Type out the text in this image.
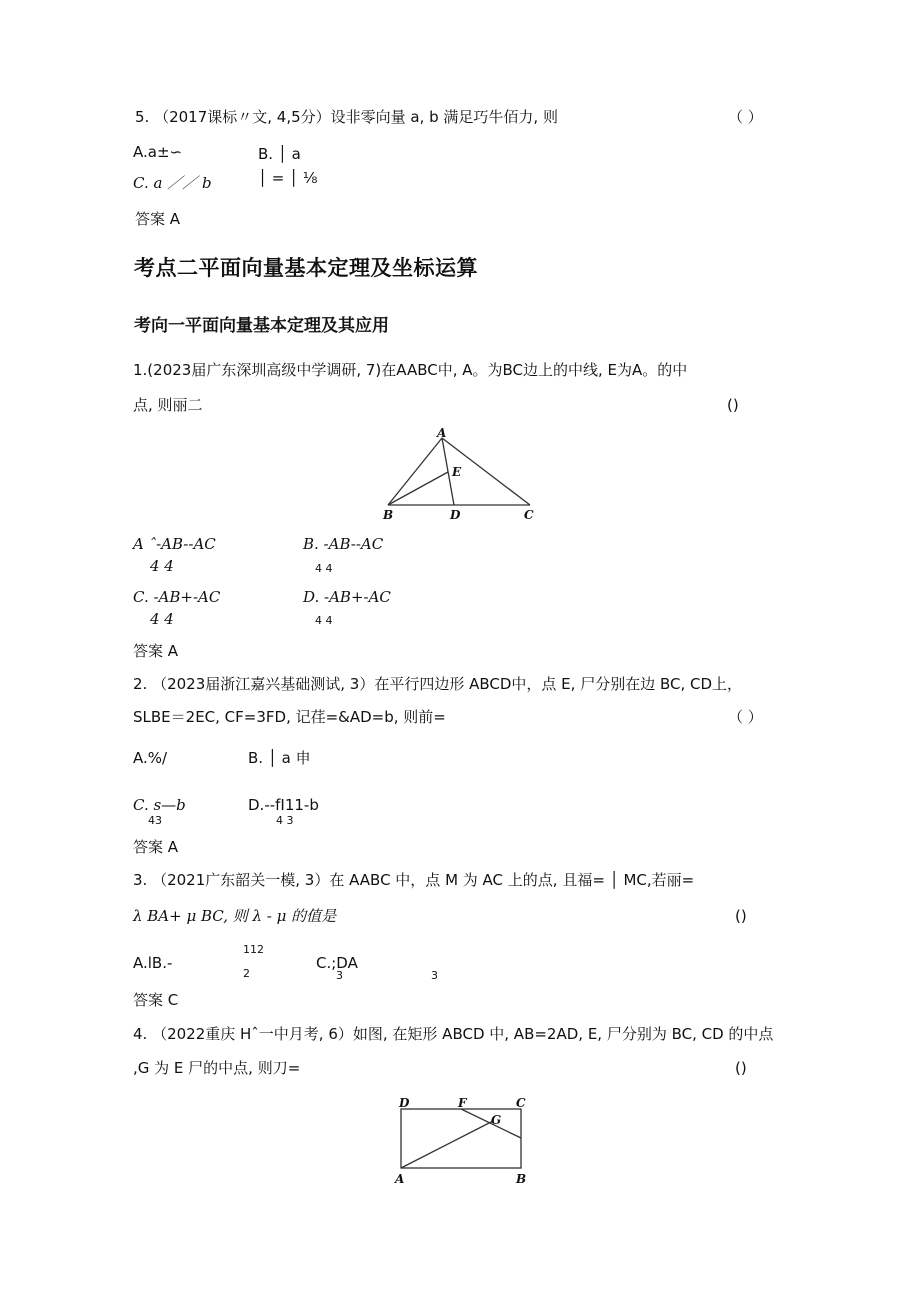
5. （2017课标〃文, 4,5分）设非零向量 a, b 满足巧牛佰力, 则	（ ）
A.a±∽	B. │ a
│ = │ ⅛
C. a ／／ b
答案 A
考点二平面向量基本定理及坐标运算
考向一平面向量基本定理及其应用
1.(2023届广东深圳高级中学调研, 7)在AABC中, A。为BC边上的中线, E为A。的中
点, 则丽二	()
A
B	C
D
E
A ˆ-AB--AC
4 4
B. -AB--AC
4 4
C. -AB+-AC
4 4
D. -AB+-AC
4 4
答案 A
2. （2023届浙江嘉兴基础测试, 3）在平行四边形 ABCD中，点 E, 尸分别在边 BC, CD上，
SLBE＝2EC, CF=3FD, 记荏=&AD=b, 则前=	（ ）
A.%/	B. │ a 申
C. s—b
43
D.--fI11-b
4 3
答案 A
3. （2021广东韶关一模, 3）在 AABC 中，点 M 为 AC 上的点, 且福= │ MC,若丽=
λ BA+ μ BC, 则 λ - μ 的值是	()
112
A.lB.-
2
C.;DA
3	3
答案 C
4. （2022重庆 Hˆ一中月考, 6）如图, 在矩形 ABCD 中, AB=2AD, E, 尸分别为 BC, CD 的中点
,G 为 E 尸的中点, 则刀=	()
D	F	C
G
A	B
